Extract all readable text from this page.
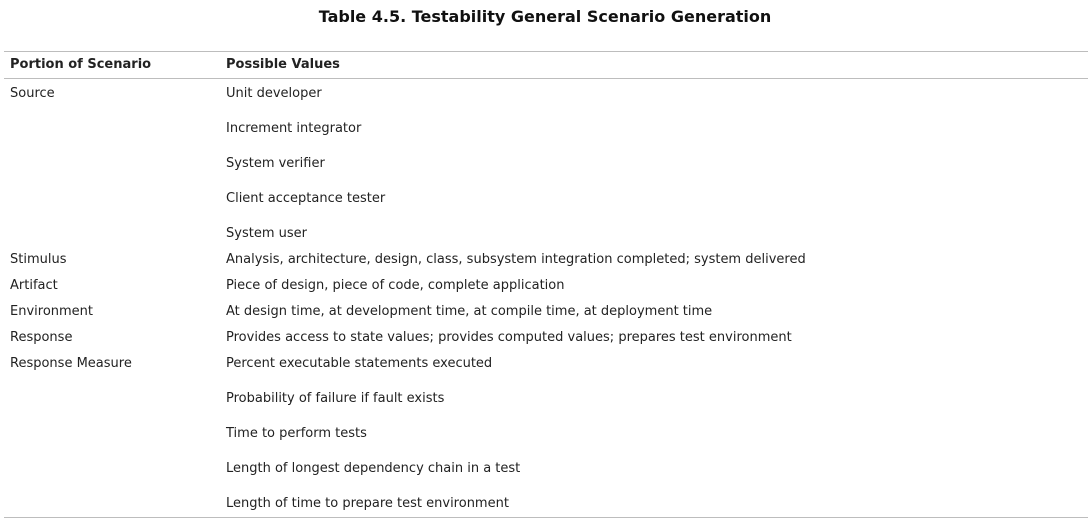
Table 4.5. Testability General Scenario Generation
Portion of Scenario	Possible Values
Source	Unit developer
Increment integrator
System verifier
Client acceptance tester
System user
Stimulus	Analysis, architecture, design, class, subsystem integration completed; system delivered
Artifact	Piece of design, piece of code, complete application
Environment	At design time, at development time, at compile time, at deployment time
Response	Provides access to state values; provides computed values; prepares test environment
Response Measure	Percent executable statements executed
Probability of failure if fault exists
Time to perform tests
Length of longest dependency chain in a test
Length of time to prepare test environment
